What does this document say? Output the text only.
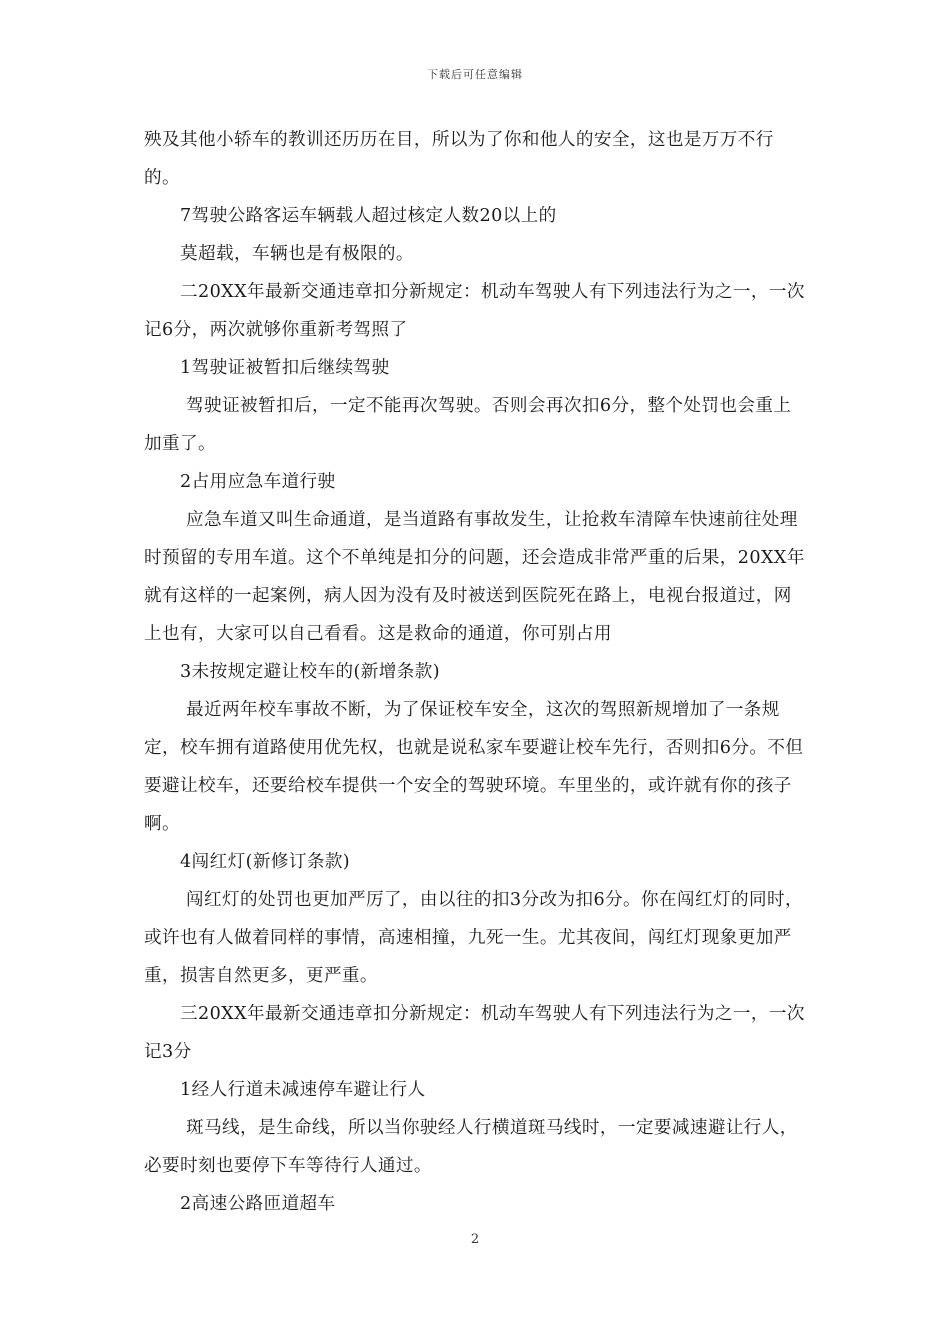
下载后可任意编辑

殃及其他小轿车的教训还历历在目，所以为了你和他人的安全，这也是万万不行的。

7驾驶公路客运车辆载人超过核定人数20以上的

莫超载，车辆也是有极限的。

二20XX年最新交通违章扣分新规定：机动车驾驶人有下列违法行为之一，一次记6分，两次就够你重新考驾照了

1驾驶证被暂扣后继续驾驶

驾驶证被暂扣后，一定不能再次驾驶。否则会再次扣6分，整个处罚也会重上加重了。

2占用应急车道行驶

应急车道又叫生命通道，是当道路有事故发生，让抢救车清障车快速前往处理时预留的专用车道。这个不单纯是扣分的问题，还会造成非常严重的后果，20XX年就有这样的一起案例，病人因为没有及时被送到医院死在路上，电视台报道过，网上也有，大家可以自己看看。这是救命的通道，你可别占用

3未按规定避让校车的(新增条款)

最近两年校车事故不断，为了保证校车安全，这次的驾照新规增加了一条规定，校车拥有道路使用优先权，也就是说私家车要避让校车先行，否则扣6分。不但要避让校车，还要给校车提供一个安全的驾驶环境。车里坐的，或许就有你的孩子啊。

4闯红灯(新修订条款)

闯红灯的处罚也更加严厉了，由以往的扣3分改为扣6分。你在闯红灯的同时，或许也有人做着同样的事情，高速相撞，九死一生。尤其夜间，闯红灯现象更加严重，损害自然更多，更严重。

三20XX年最新交通违章扣分新规定：机动车驾驶人有下列违法行为之一，一次记3分

1经人行道未减速停车避让行人

斑马线，是生命线，所以当你驶经人行横道斑马线时，一定要减速避让行人，必要时刻也要停下车等待行人通过。

2高速公路匝道超车

2
